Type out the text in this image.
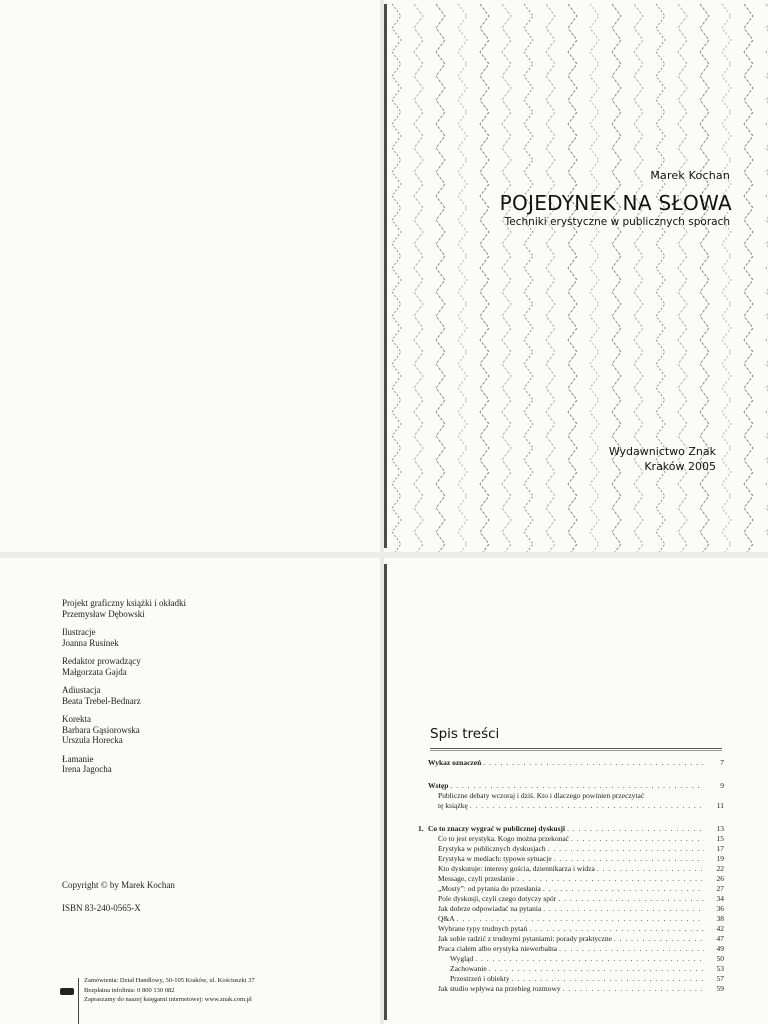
Marek Kochan
POJEDYNEK NA SŁOWA
Techniki erystyczne w publicznych sporach
Wydawnictwo Znak
Kraków 2005
Projekt graficzny książki i okładki
Przemysław Dębowski
Ilustracje
Joanna Rusinek
Redaktor prowadzący
Małgorzata Gajda
Adiustacja
Beata Trebel-Bednarz
Korekta
Barbara Gąsiorowska
Urszula Horecka
Łamanie
Irena Jagocha
Copyright © by Marek Kochan
ISBN 83-240-0565-X
Zamówienia: Dział Handlowy, 30-105 Kraków, ul. Kościuszki 37
Bezpłatna infolinia: 0 800 130 082
Zapraszamy do naszej księgarni internetowej: www.znak.com.pl
Spis treści
Wykaz oznaczeń . . .	7
Wstęp . . .	9
Publiczne debaty wczoraj i dziś. Kto i dlaczego powinien przeczytać
tę książkę . . .	11
1. Co to znaczy wygrać w publicznej dyskusji . . .	13
Co to jest erystyka. Kogo można przekonać . . .	15
Erystyka w publicznych dyskusjach . . .	17
Erystyka w mediach: typowe sytuacje . . .	19
Kto dyskutuje: interesy gościa, dziennikarza i widza . . .	22
Message, czyli przesłanie . . .	26
„Mosty”: od pytania do przesłania . . .	27
Pole dyskusji, czyli czego dotyczy spór . . .	34
Jak dobrze odpowiadać na pytania . . .	36
Q&A . . .	38
Wybrane typy trudnych pytań . . .	42
Jak sobie radzić z trudnymi pytaniami: porady praktyczne . . .	47
Praca ciałem albo erystyka niewerbalna . . .	49
Wygląd . . .	50
Zachowanie . . .	53
Przestrzeń i obiekty . . .	57
Jak studio wpływa na przebieg rozmowy . . .	59
